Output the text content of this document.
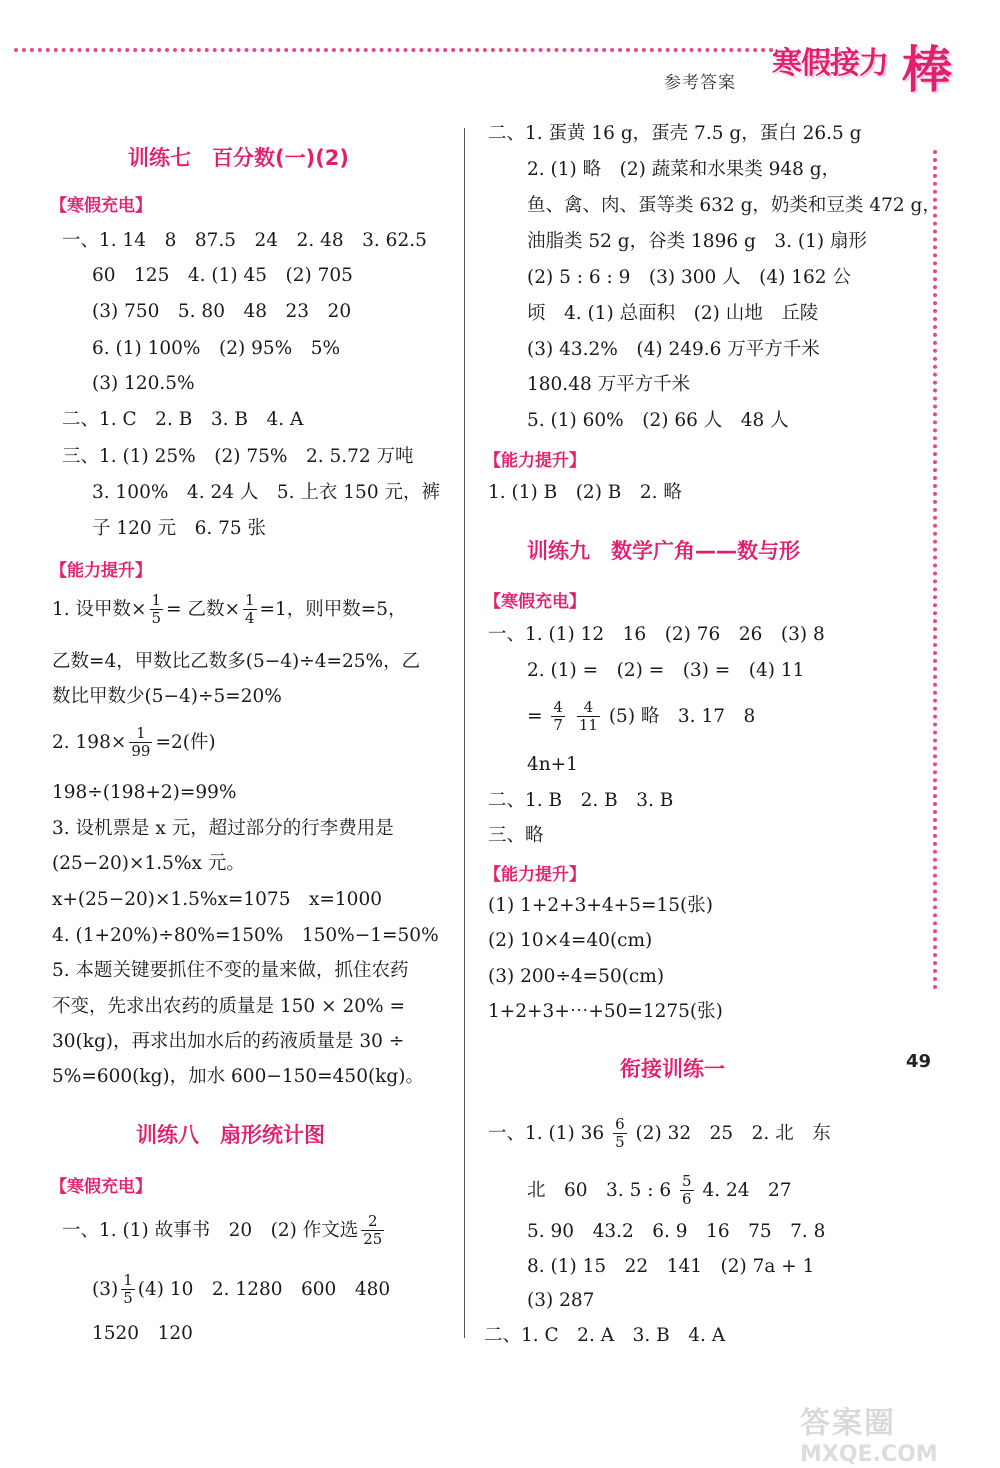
参考答案
寒假接力 棒
训练七　百分数(一)(2)
【寒假充电】
一、1. 14　8　87.5　24　2. 48　3. 62.5
60　125　4. (1) 45　(2) 705
(3) 750　5. 80　48　23　20
6. (1) 100%　(2) 95%　5%
(3) 120.5%
二、1. C　2. B　3. B　4. A
三、1. (1) 25%　(2) 75%　2. 5.72 万吨
3. 100%　4. 24 人　5. 上衣 150 元，裤
子 120 元　6. 75 张
【能力提升】
1. 设甲数× $\frac{1}{5}$ = 乙数× $\frac{1}{4} =1$，则甲数=5，
乙数=4，甲数比乙数多(5−4)÷4=25%，乙
数比甲数少(5−4)÷5=20%
2. $198\times \frac{1}{99} =2$(件)
198÷(198+2)=99%
3. 设机票是 x 元，超过部分的行李费用是
(25−20)×1.5%x 元。
x+(25−20)×1.5%x=1075　x=1000
4. (1+20%)÷80%=150%　150%−1=50%
5. 本题关键要抓住不变的量来做，抓住农药
不变，先求出农药的质量是 150 × 20% =
30(kg)，再求出加水后的药液质量是 30 ÷
5%=600(kg)，加水 600−150=450(kg)。
训练八　扇形统计图
【寒假充电】
一、1. (1) 故事书　20　(2) 作文选 $\frac{2}{25}$
$(3) \frac{1}{5} (4)$ 10　2. 1280　600　480
1520　120
二、1. 蛋黄 16 g，蛋壳 7.5 g，蛋白 26.5 g
2. (1) 略　(2) 蔬菜和水果类 948 g，
鱼、禽、肉、蛋等类 632 g，奶类和豆类 472 g，
油脂类 52 g，谷类 1896 g　3. (1) 扇形
(2) 5 : 6 : 9　(3) 300 人　(4) 162 公
顷　4. (1) 总面积　(2) 山地　丘陵
(3) 43.2%　(4) 249.6 万平方千米
180.48 万平方千米
5. (1) 60%　(2) 66 人　48 人
【能力提升】
1. (1) B　(2) B　2. 略
训练九　数学广角——数与形
【寒假充电】
一、1. (1) 12　16　(2) 76　26　(3) 8
2. (1) =　(2) =　(3) =　(4) 11
= $\frac{4}{7}$
$\frac{4}{11} (5)$ 略　3. 17　8
4n+1
二、1. B　2. B　3. B
三、略
【能力提升】
(1) 1+2+3+4+5=15(张)
(2) 10×4=40(cm)
(3) 200÷4=50(cm)
1+2+3+⋯+50=1275(张)
49
衔接训练一
一、1. (1) $36 \frac{6}{5} (2)$ 32　25　2. 北　东
北　60　3. 5 : $6 \frac{5}{6} 4$. 24　27
5. 90　43.2　6. 9　16　75　7. 8
8. (1) 15　22　141　(2) 7a + 1
(3) 287
二、1. C　2. A　3. B　4. A
答案圈
MXQE.COM
